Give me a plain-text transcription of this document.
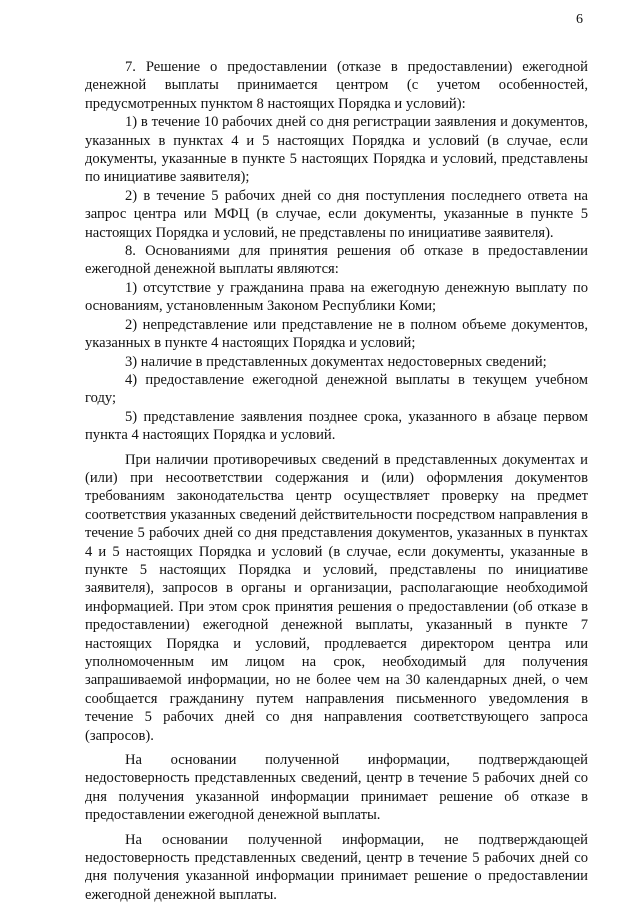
6

7. Решение о предоставлении (отказе в предоставлении) ежегодной денежной выплаты принимается центром (с учетом особенностей, предусмотренных пунктом 8 настоящих Порядка и условий):

1) в течение 10 рабочих дней со дня регистрации заявления и документов, указанных в пунктах 4 и 5 настоящих Порядка и условий (в случае, если документы, указанные в пункте 5 настоящих Порядка и условий, представлены по инициативе заявителя);

2) в течение 5 рабочих дней со дня поступления последнего ответа на запрос центра или МФЦ (в случае, если документы, указанные в пункте 5 настоящих Порядка и условий, не представлены по инициативе заявителя).

8. Основаниями для принятия решения об отказе в предоставлении ежегодной денежной выплаты являются:

1) отсутствие у гражданина права на ежегодную денежную выплату по основаниям, установленным Законом Республики Коми;

2) непредставление или представление не в полном объеме документов, указанных в пункте 4 настоящих Порядка и условий;

3) наличие в представленных документах недостоверных сведений;

4) предоставление ежегодной денежной выплаты в текущем учебном году;

5) представление заявления позднее срока, указанного в абзаце первом пункта 4 настоящих Порядка и условий.

При наличии противоречивых сведений в представленных документах и (или) при несоответствии содержания и (или) оформления документов требованиям законодательства центр осуществляет проверку на предмет соответствия указанных сведений действительности посредством направления в течение 5 рабочих дней со дня представления документов, указанных в пунктах 4 и 5 настоящих Порядка и условий (в случае, если документы, указанные в пункте 5 настоящих Порядка и условий, представлены по инициативе заявителя), запросов в органы и организации, располагающие необходимой информацией. При этом срок принятия решения о предоставлении (об отказе в предоставлении) ежегодной денежной выплаты, указанный в пункте 7 настоящих Порядка и условий, продлевается директором центра или уполномоченным им лицом на срок, необходимый для получения запрашиваемой информации, но не более чем на 30 календарных дней, о чем сообщается гражданину путем направления письменного уведомления в течение 5 рабочих дней со дня направления соответствующего запроса (запросов).

На основании полученной информации, подтверждающей недостоверность представленных сведений, центр в течение 5 рабочих дней со дня получения указанной информации принимает решение об отказе в предоставлении ежегодной денежной выплаты.

На основании полученной информации, не подтверждающей недостоверность представленных сведений, центр в течение 5 рабочих дней со дня получения указанной информации принимает решение о предоставлении ежегодной денежной выплаты.
